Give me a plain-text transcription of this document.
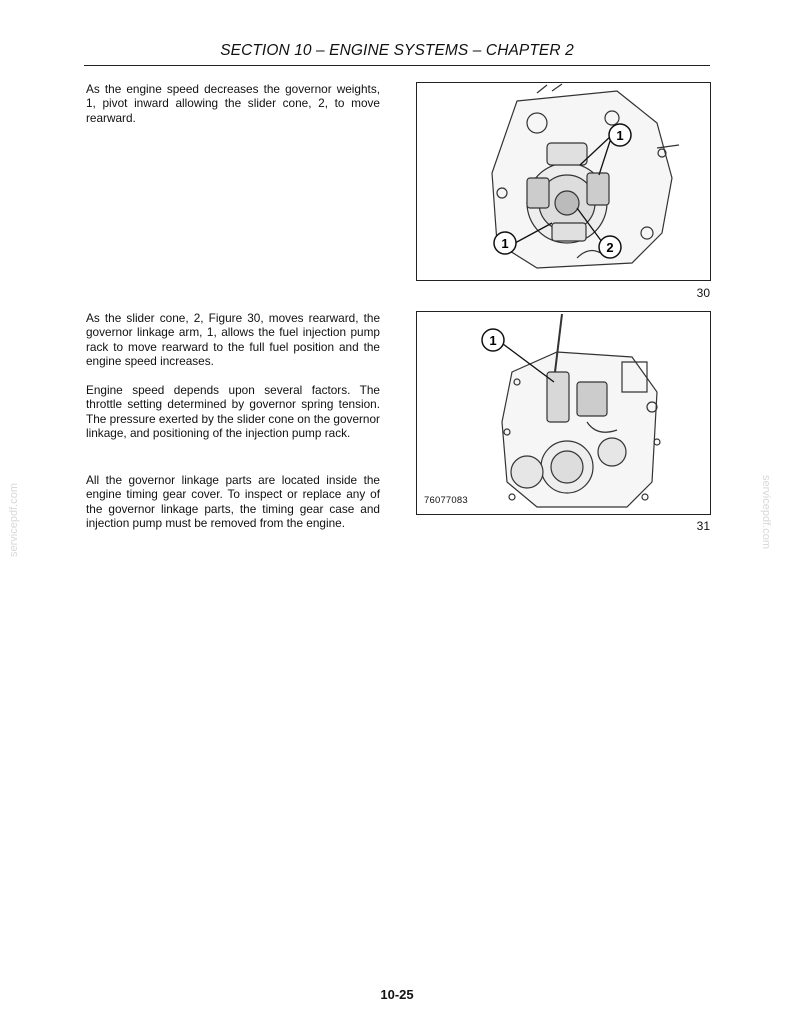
SECTION 10 – ENGINE SYSTEMS – CHAPTER 2

As the engine speed decreases the governor weights, 1, pivot inward allowing the slider cone, 2, to move rearward.

As the slider cone, 2, Figure 30, moves rearward, the governor linkage arm, 1, allows the fuel injection pump rack to move rearward to the full fuel position and the engine speed increases.

Engine speed depends upon several factors. The throttle setting determined by governor spring tension. The pressure exerted by the slider cone on the governor linkage, and positioning of the injection pump rack.

All the governor linkage parts are located inside the engine timing gear cover. To inspect or replace any of the governor linkage parts, the timing gear case and injection pump must be removed from the engine.

1
1	2
30
1
76077083
31
servicepdf.com	servicepdf.com
10-25
